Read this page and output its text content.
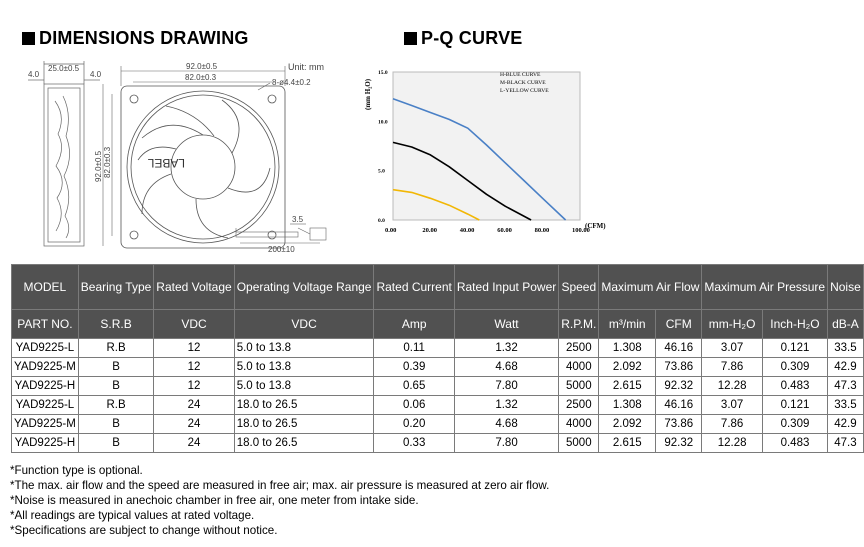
DIMENSIONS DRAWING	P-Q CURVE
25.0±0.5
4.0	4.0
92.0±0.5 82.0±0.3
92.0±0.5
82.0±0.3
Unit: mm
8-ø4.4±0.2
LABEL
3.5
200±10
15.0
10.0
5.0
0.0
0.00	20.00	40.00	60.00	80.00	100.00
(mm H₂O)
(CFM)
H-BLUE CURVE
M-BLACK CURVE
L-YELLOW CURVE
MODEL	Bearing Type	Rated Voltage	Operating Voltage Range	Rated Current	Rated Input Power	Speed	Maximum Air Flow		Maximum Air Pressure		Noise
PART NO.	S.R.B	VDC	VDC	Amp	Watt	R.P.M.	m³/min	CFM	mm-H₂O	Inch-H₂O	dB-A
YAD9225-L	R.B	12	5.0 to 13.8	0.11	1.32	2500	1.308	46.16	3.07	0.121	33.5
YAD9225-M	B	12	5.0 to 13.8	0.39	4.68	4000	2.092	73.86	7.86	0.309	42.9
YAD9225-H	B	12	5.0 to 13.8	0.65	7.80	5000	2.615	92.32	12.28	0.483	47.3
YAD9225-L	R.B	24	18.0 to 26.5	0.06	1.32	2500	1.308	46.16	3.07	0.121	33.5
YAD9225-M	B	24	18.0 to 26.5	0.20	4.68	4000	2.092	73.86	7.86	0.309	42.9
YAD9225-H	B	24	18.0 to 26.5	0.33	7.80	5000	2.615	92.32	12.28	0.483	47.3
*Function type is optional.
*The max. air flow and the speed are measured in free air; max. air pressure is measured at zero air flow.
*Noise is measured in anechoic chamber in free air, one meter from intake side.
*All readings are typical values at rated voltage.
*Specifications are subject to change without notice.
